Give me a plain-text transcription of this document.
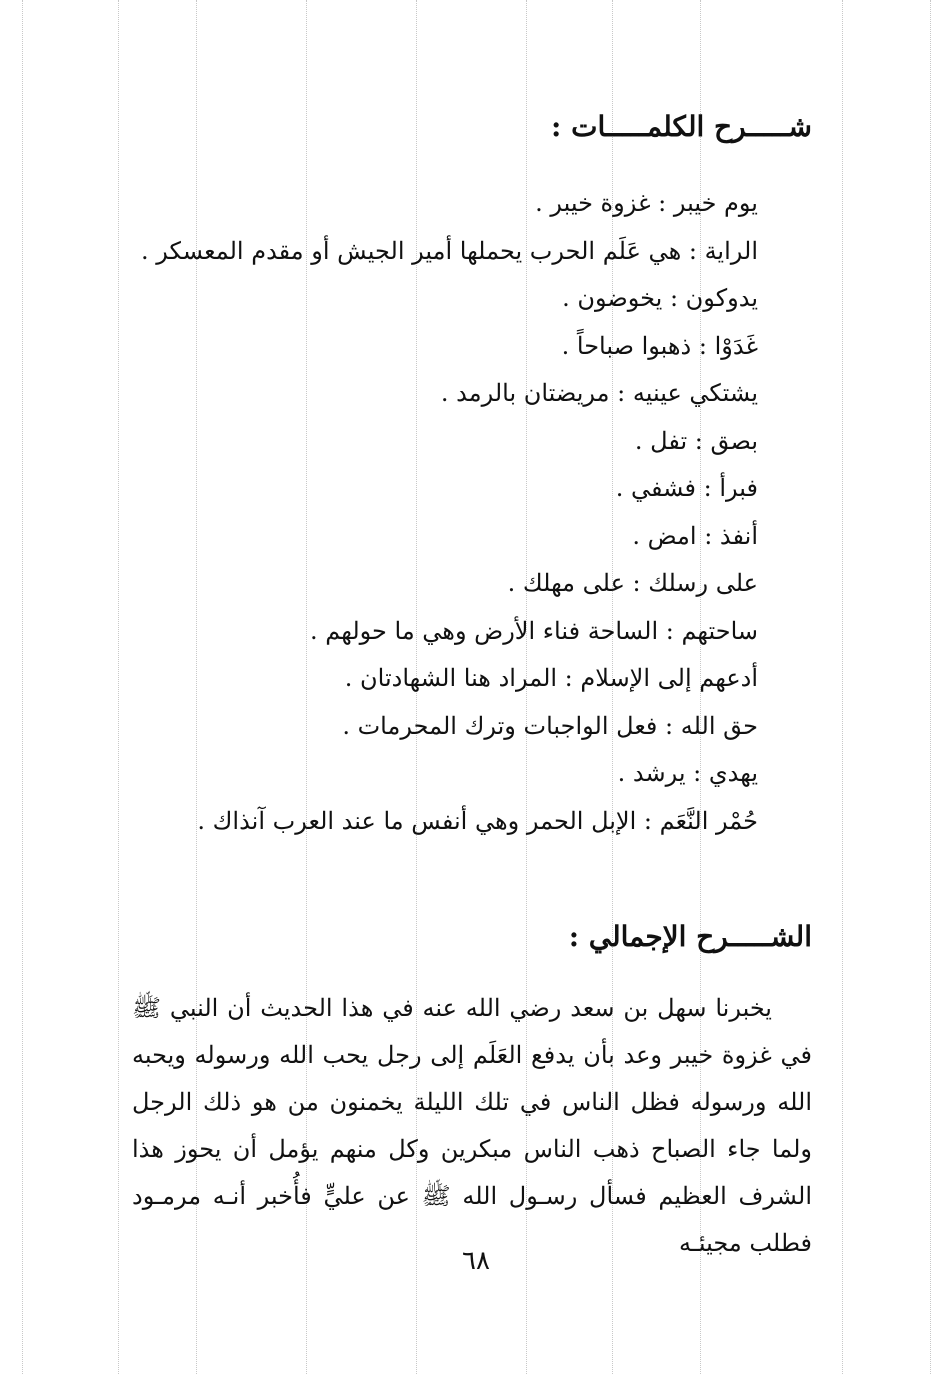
شـــــرح الكلمـــــات :
يوم خيبر : غزوة خيبر .
الراية : هي عَلَم الحرب يحملها أمير الجيش أو مقدم المعسكر .
يدوكون : يخوضون .
غَدَوْا : ذهبوا صباحاً .
يشتكي عينيه : مريضتان بالرمد .
بصق : تفل .
فبرأ : فشفي .
أنفذ : امض .
على رسلك : على مهلك .
ساحتهم : الساحة فناء الأرض وهي ما حولهم .
أدعهم إلى الإسلام : المراد هنا الشهادتان .
حق الله : فعل الواجبات وترك المحرمات .
يهدي : يرشد .
حُمْر النَّعَم : الإبل الحمر وهي أنفس ما عند العرب آنذاك .
الشـــــرح الإجمالي :

يخبرنا سهل بن سعد رضي الله عنه في هذا الحديث أن النبي ﷺ في غزوة خيبر وعد بأن يدفع العَلَم إلى رجل يحب الله ورسوله ويحبه الله ورسوله فظل الناس في تلك الليلة يخمنون من هو ذلك الرجل ولما جاء الصباح ذهب الناس مبكرين وكل منهم يؤمل أن يحوز هذا الشرف العظيم فسأل رسـول الله ﷺ عن عليٍّ فأُخبر أنـه مرمـود فطلب مجيئـه

٦٨
